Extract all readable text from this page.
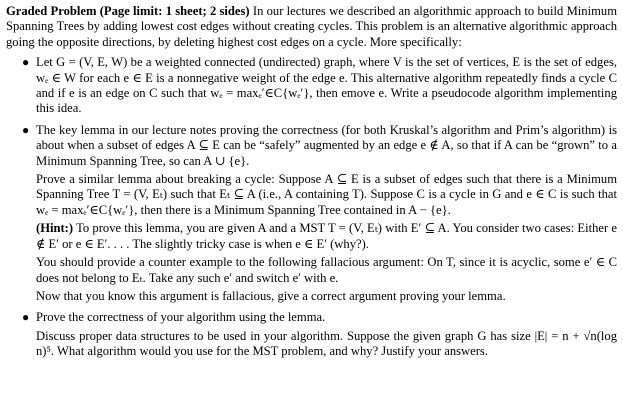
Graded Problem (Page limit: 1 sheet; 2 sides) In our lectures we described an algorithmic approach to build Minimum Spanning Trees by adding lowest cost edges without creating cycles. This problem is an alternative algorithmic approach going the opposite directions, by deleting highest cost edges on a cycle. More specifically:

● Let G = (V, E, W) be a weighted connected (undirected) graph, where V is the set of vertices, E is the set of edges, wₑ ∈ W for each e ∈ E is a nonnegative weight of the edge e. This alternative algorithm repeatedly finds a cycle C and if e is an edge on C such that wₑ = maxₑ′∈C{wₑ′}, then emove e. Write a pseudocode algorithm implementing this idea.
● The key lemma in our lecture notes proving the correctness (for both Kruskal’s algorithm and Prim’s algorithm) is about when a subset of edges A ⊆ E can be “safely” augmented by an edge e ∉ A, so that if A can be “grown” to a Minimum Spanning Tree, so can A ∪ {e}.
Prove a similar lemma about breaking a cycle: Suppose A ⊆ E is a subset of edges such that there is a Minimum Spanning Tree T = (V, Eₜ) such that Eₜ ⊆ A (i.e., A containing T). Suppose C is a cycle in G and e ∈ C is such that wₑ = maxₑ′∈C{wₑ′}, then there is a Minimum Spanning Tree contained in A − {e}.
(Hint:) To prove this lemma, you are given A and a MST T = (V, Eₜ) with E′ ⊆ A. You consider two cases: Either e ∉ E′ or e ∈ E′. . . . The slightly tricky case is when e ∈ E′ (why?).
You should provide a counter example to the following fallacious argument: On T, since it is acyclic, some e′ ∈ C does not belong to Eₜ. Take any such e′ and switch e′ with e.
Now that you know this argument is fallacious, give a correct argument proving your lemma.
● Prove the correctness of your algorithm using the lemma.
Discuss proper data structures to be used in your algorithm. Suppose the given graph G has size |E| = n + √n(log n)⁵. What algorithm would you use for the MST problem, and why? Justify your answers.
